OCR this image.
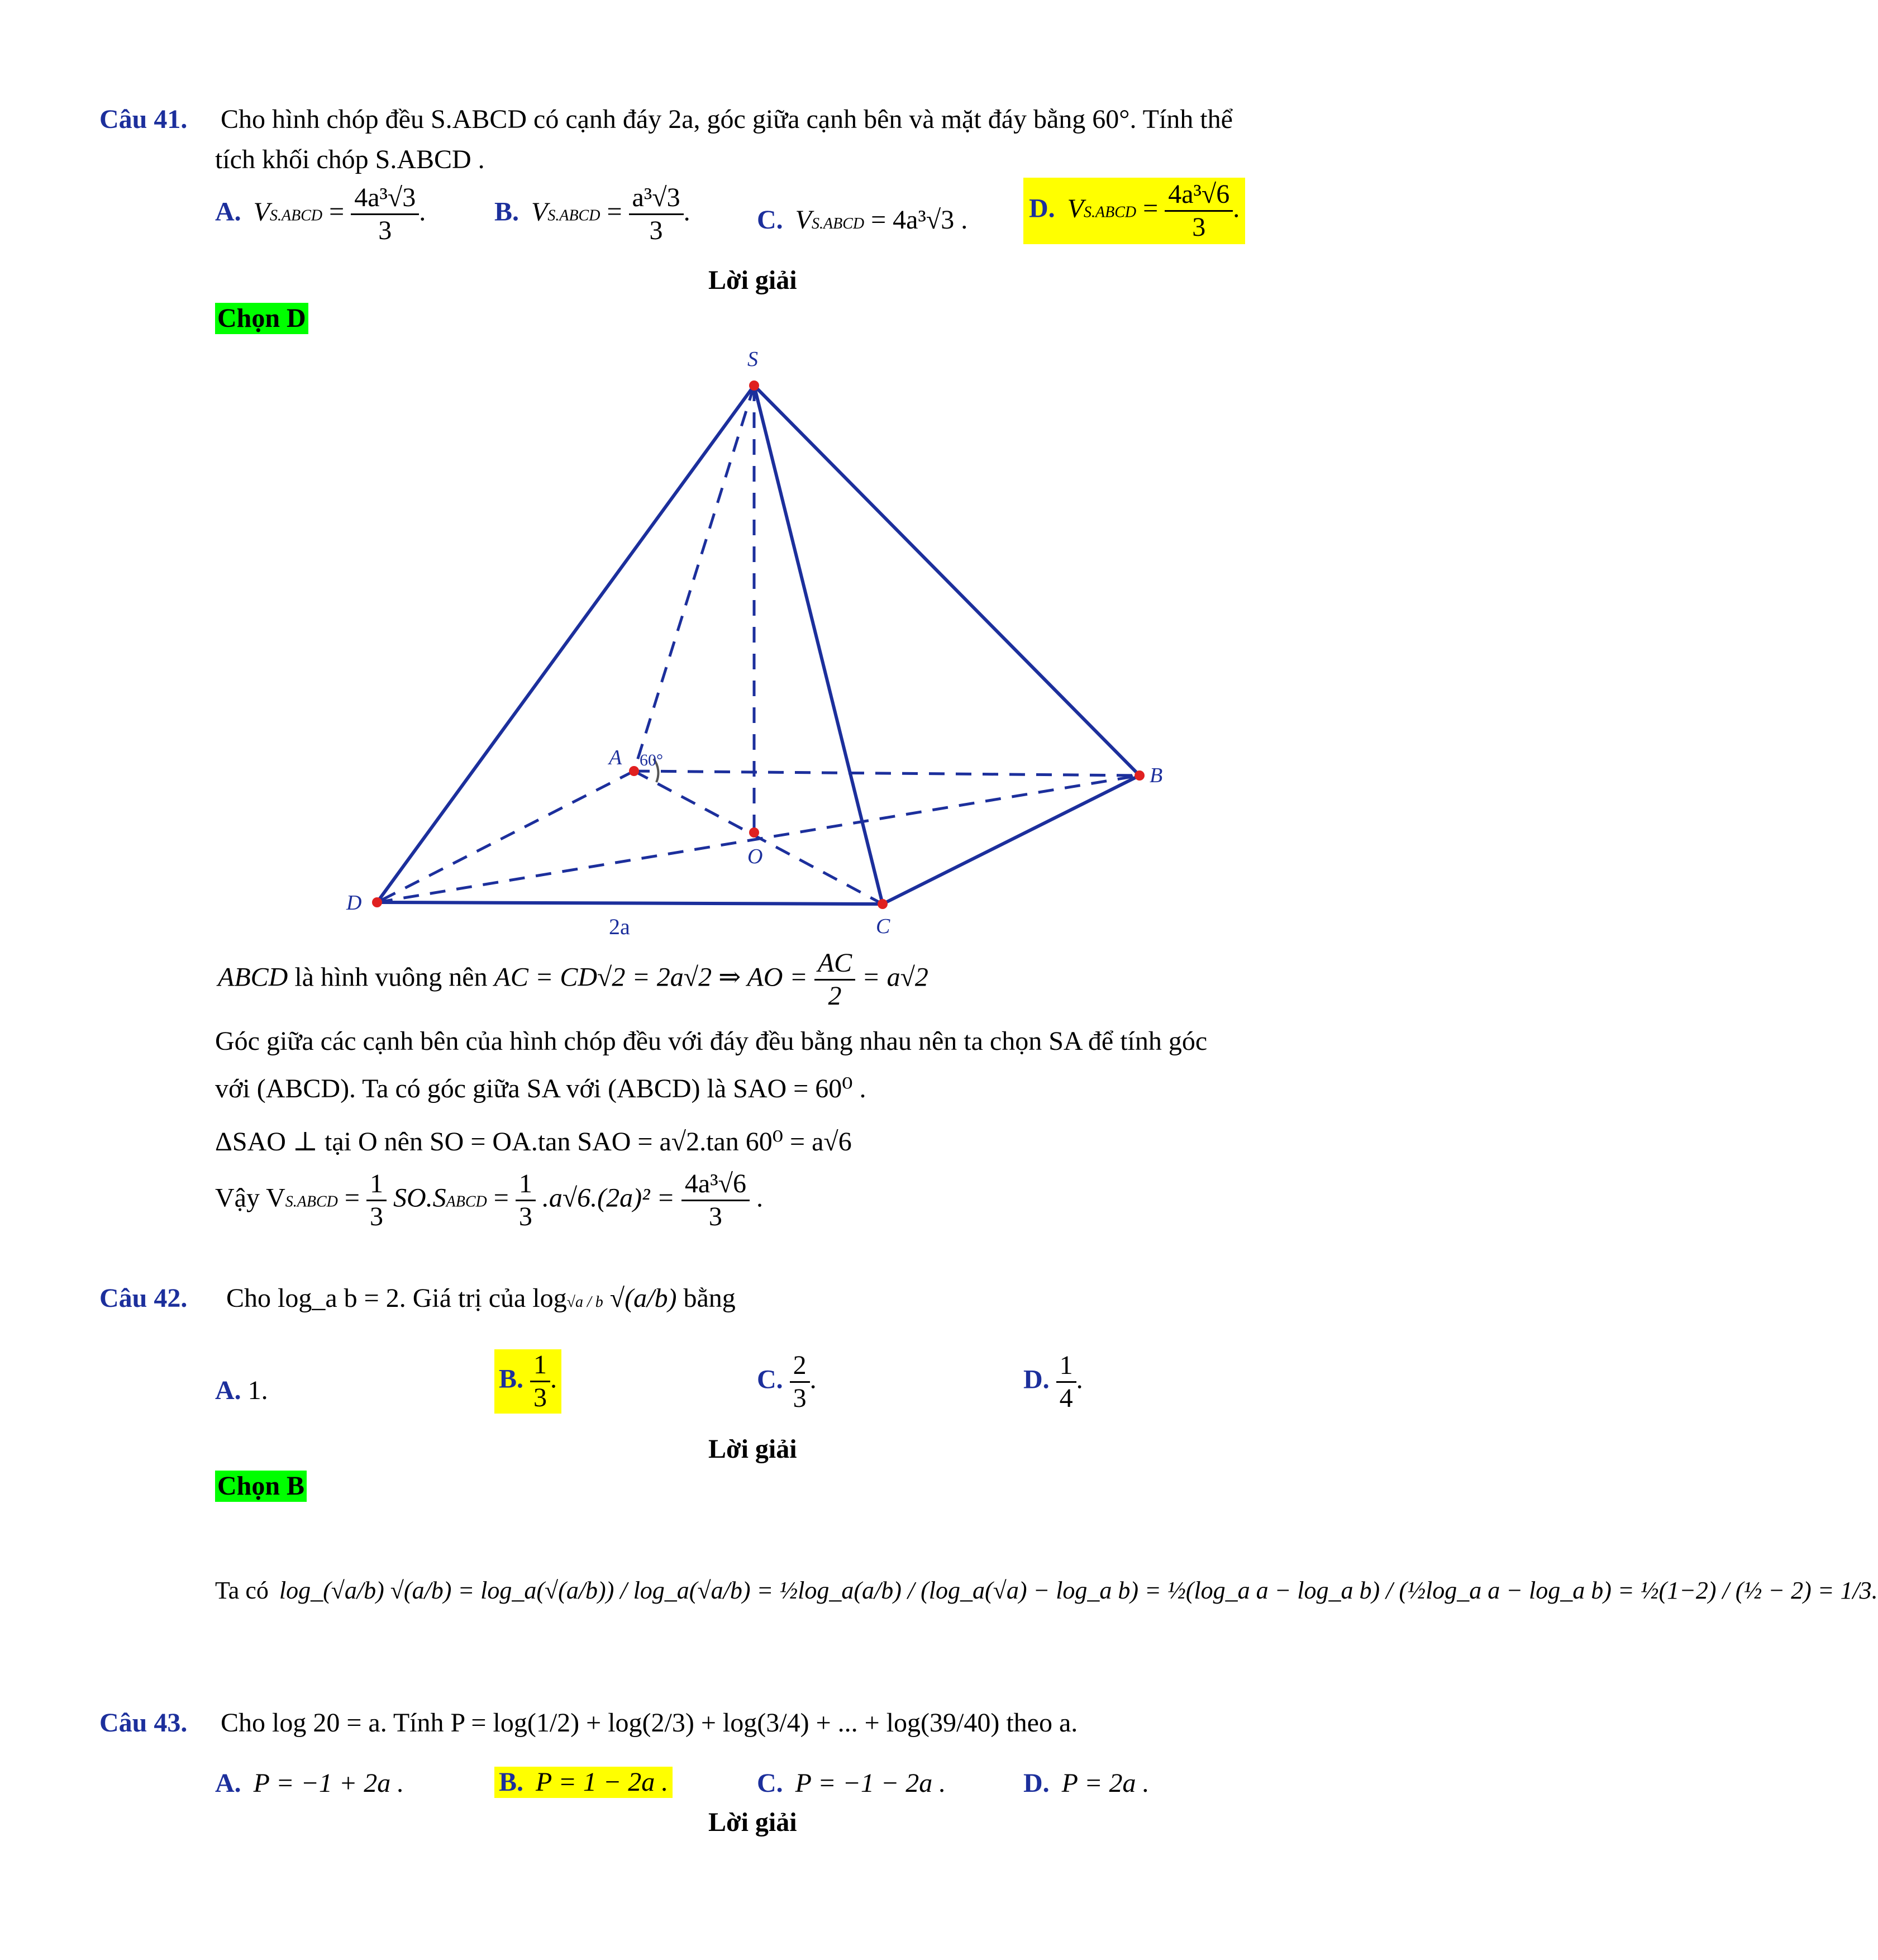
Câu 41. Cho hình chóp đều S.ABCD có cạnh đáy 2a, góc giữa cạnh bên và mặt đáy bằng 60°. Tính thể
tích khối chóp S.ABCD .
A. VS.ABCD = $\frac{\text{4a³√3}}{3}$ .	B. VS.ABCD = $\frac{\text{a³√3}}{3}$ . C. VS.ABCD = 4a³√3 . D. VS.ABCD = $\frac{\text{4a³√6}}{3}$ .
Lời giải
Chọn D
S
A
B
C
D
O
60°
2a
ABCD là hình vuông nên AC = CD√2 = 2a√2 ⇒ AO = $\frac{AC}{2} = a√2$
Góc giữa các cạnh bên của hình chóp đều với đáy đều bằng nhau nên ta chọn SA để tính góc
với (ABCD). Ta có góc giữa SA với (ABCD) là SAO = 60⁰ .
ΔSAO ⊥ tại O nên SO = OA.tan SAO = a√2.tan 60⁰ = a√6
Vậy VS.ABCD = $\frac{1}{3}$ SO.SABCD = $\frac{1}{3} .a√6.(2a)^2 = \frac{\text{4a³√6}}{3}$ .
Câu 42. Cho log_a b = 2. Giá trị của log√a / b √(a/b) bằng
A. 1.	B. $\frac{1}{3}$ .	C. $\frac{2}{3}$ .	D. $\frac{1}{4}$ .
Lời giải
Chọn B
Ta có log_(√a/b) √(a/b) = log_a(√(a/b)) / log_a(√a/b) = ½log_a(a/b) / (log_a(√a) − log_a b) = ½(log_a a − log_a b) / (½log_a a − log_a b) = ½(1−2) / (½ − 2) = 1/3.
Câu 43. Cho log 20 = a. Tính P = log(1/2) + log(2/3) + log(3/4) + ... + log(39/40) theo a.
A. P = −1 + 2a .	B. P = 1 − 2a .	C. P = −1 − 2a .	D. P = 2a .
Lời giải
